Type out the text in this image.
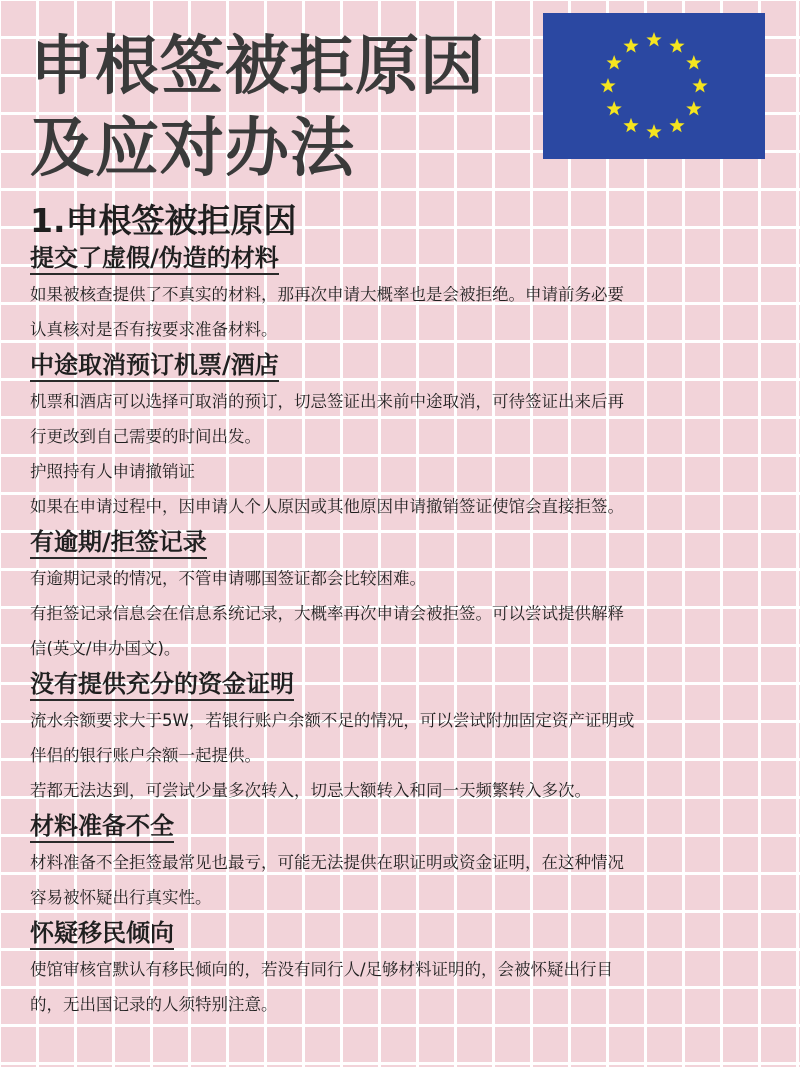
申根签被拒原因
及应对办法
1.申根签被拒原因
提交了虚假/伪造的材料
如果被核查提供了不真实的材料，那再次申请大概率也是会被拒绝。申请前务必要
认真核对是否有按要求准备材料。
中途取消预订机票/酒店
机票和酒店可以选择可取消的预订，切忌签证出来前中途取消，可待签证出来后再
行更改到自己需要的时间出发。
护照持有人申请撤销证
如果在申请过程中，因申请人个人原因或其他原因申请撤销签证使馆会直接拒签。
有逾期/拒签记录
有逾期记录的情况，不管申请哪国签证都会比较困难。
有拒签记录信息会在信息系统记录，大概率再次申请会被拒签。可以尝试提供解释
信(英文/申办国文)。
没有提供充分的资金证明
流水余额要求大于5W，若银行账户余额不足的情况，可以尝试附加固定资产证明或
伴侣的银行账户余额一起提供。
若都无法达到，可尝试少量多次转入，切忌大额转入和同一天频繁转入多次。
材料准备不全
材料准备不全拒签最常见也最亏，可能无法提供在职证明或资金证明，在这种情况
容易被怀疑出行真实性。
怀疑移民倾向
使馆审核官默认有移民倾向的，若没有同行人/足够材料证明的，会被怀疑出行目
的，无出国记录的人须特别注意。
